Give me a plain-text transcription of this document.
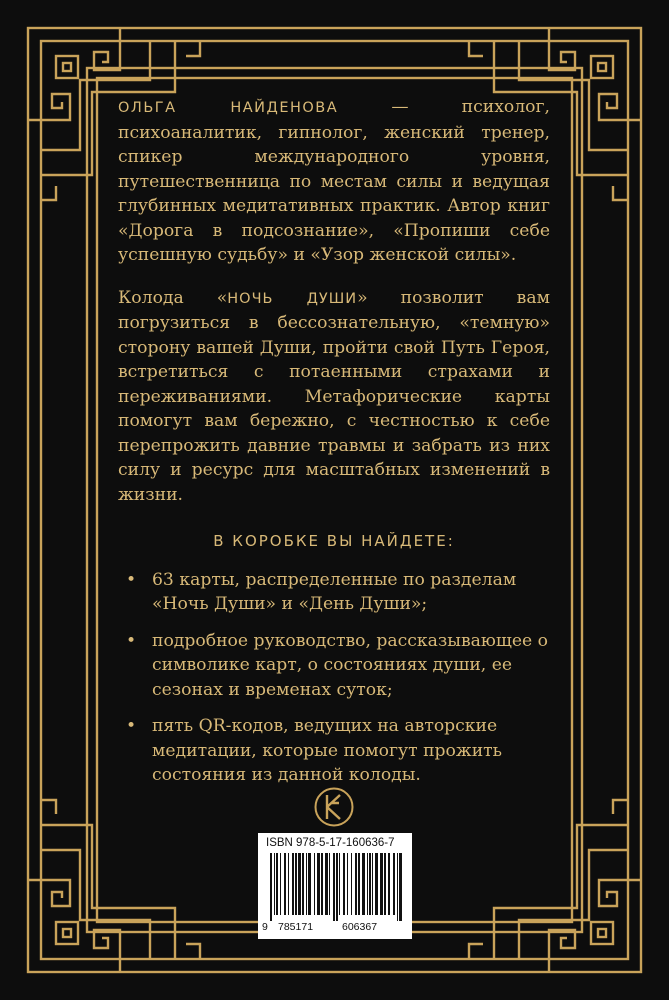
ОЛЬГА НАЙДЕНОВА — психолог, психоаналитик, гипнолог, женский тренер, спикер международного уровня, путешественница по местам силы и ведущая глубинных медитативных практик. Автор книг «Дорога в подсознание», «Пропиши себе успешную судьбу» и «Узор женской силы».

Колода «НОЧЬ ДУШИ» позволит вам погрузиться в бессознательную, «темную» сторону вашей Души, пройти свой Путь Героя, встретиться с потаенными страхами и переживаниями. Метафорические карты помогут вам бережно, с честностью к себе перепрожить давние травмы и забрать из них силу и ресурс для масштабных изменений в жизни.

В КОРОБКЕ ВЫ НАЙДЕТЕ:
• 63 карты, распределенные по разделам «Ночь Души» и «День Души»;
• подробное руководство, рассказывающее о символике карт, о состояниях души, ее сезонах и временах суток;
• пять QR-кодов, ведущих на авторские медитации, которые помогут прожить состояния из данной колоды.
ISBN 978-5-17-160636-7
9 785171	606367
